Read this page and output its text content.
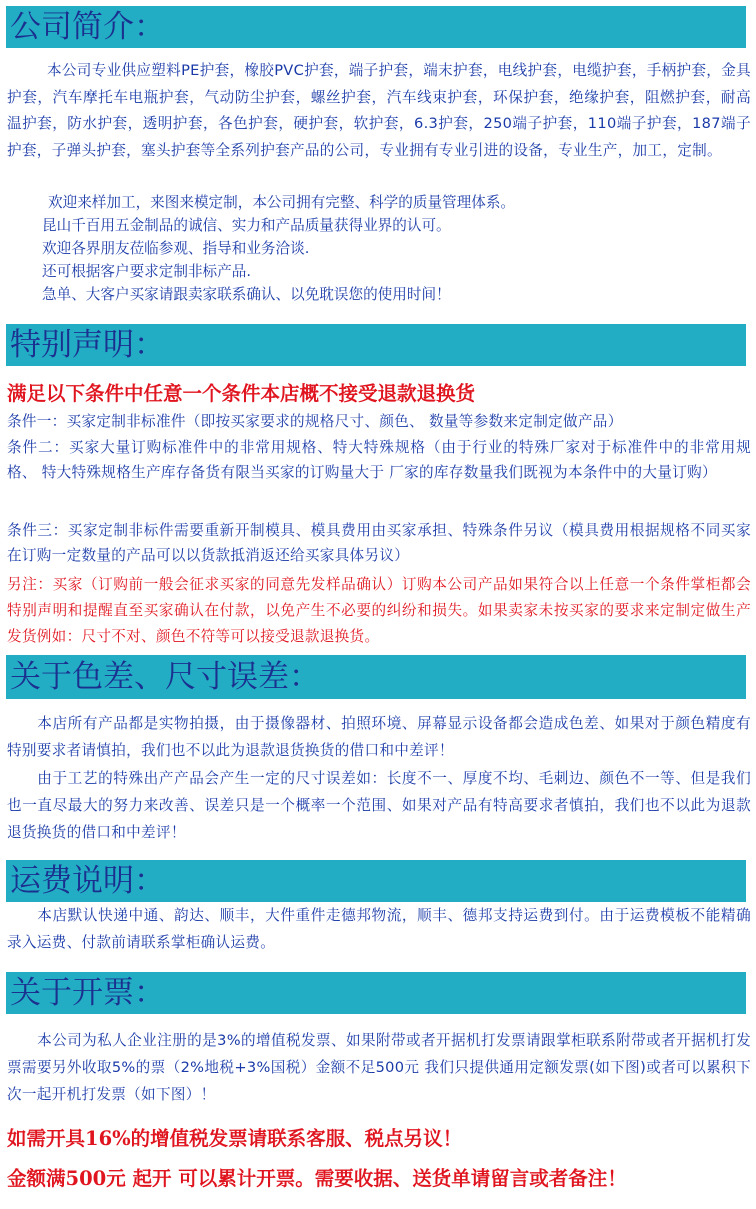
公司简介：
本公司专业供应塑料PE护套，橡胶PVC护套，端子护套，端末护套，电线护套，电缆护套，手柄护套，金具护套，汽车摩托车电瓶护套，气动防尘护套，螺丝护套，汽车线束护套，环保护套，绝缘护套，阻燃护套，耐高温护套，防水护套，透明护套，各色护套，硬护套，软护套，6.3护套，250端子护套，110端子护套，187端子护套，子弹头护套，塞头护套等全系列护套产品的公司，专业拥有专业引进的设备，专业生产，加工，定制。
欢迎来样加工，来图来模定制，本公司拥有完整、科学的质量管理体系。
昆山千百用五金制品的诚信、实力和产品质量获得业界的认可。
欢迎各界朋友莅临参观、指导和业务洽谈.
还可根据客户要求定制非标产品.
急单、大客户买家请跟卖家联系确认、以免耽误您的使用时间！
特别声明：
满足以下条件中任意一个条件本店概不接受退款退换货
条件一：买家定制非标准件（即按买家要求的规格尺寸、颜色、 数量等参数来定制定做产品）
条件二：买家大量订购标准件中的非常用规格、特大特殊规格（由于行业的特殊厂家对于标准件中的非常用规格、 特大特殊规格生产库存备货有限当买家的订购量大于 厂家的库存数量我们既视为本条件中的大量订购）
条件三：买家定制非标件需要重新开制模具、模具费用由买家承担、特殊条件另议（模具费用根据规格不同买家在订购一定数量的产品可以以货款抵消返还给买家具体另议）
另注：买家（订购前一般会征求买家的同意先发样品确认）订购本公司产品如果符合以上任意一个条件掌柜都会特别声明和提醒直至买家确认在付款，以免产生不必要的纠纷和损失。如果卖家未按买家的要求来定制定做生产发货例如：尺寸不对、颜色不符等可以接受退款退换货。
关于色差、尺寸误差：
本店所有产品都是实物拍摄，由于摄像器材、拍照环境、屏幕显示设备都会造成色差、如果对于颜色精度有特别要求者请慎拍，我们也不以此为退款退货换货的借口和中差评！
由于工艺的特殊出产产品会产生一定的尺寸误差如：长度不一、厚度不均、毛刺边、颜色不一等、但是我们也一直尽最大的努力来改善、误差只是一个概率一个范围、如果对产品有特高要求者慎拍，我们也不以此为退款退货换货的借口和中差评！
运费说明：
本店默认快递中通、韵达、顺丰，大件重件走德邦物流，顺丰、德邦支持运费到付。由于运费模板不能精确录入运费、付款前请联系掌柜确认运费。
关于开票：
本公司为私人企业注册的是3%的增值税发票、如果附带或者开据机打发票请跟掌柜联系附带或者开据机打发票需要另外收取5%的票（2%地税+3%国税）金额不足500元 我们只提供通用定额发票(如下图)或者可以累积下次一起开机打发票（如下图）！
如需开具16%的增值税发票请联系客服、税点另议！
金额满500元 起开 可以累计开票。需要收据、送货单请留言或者备注！
